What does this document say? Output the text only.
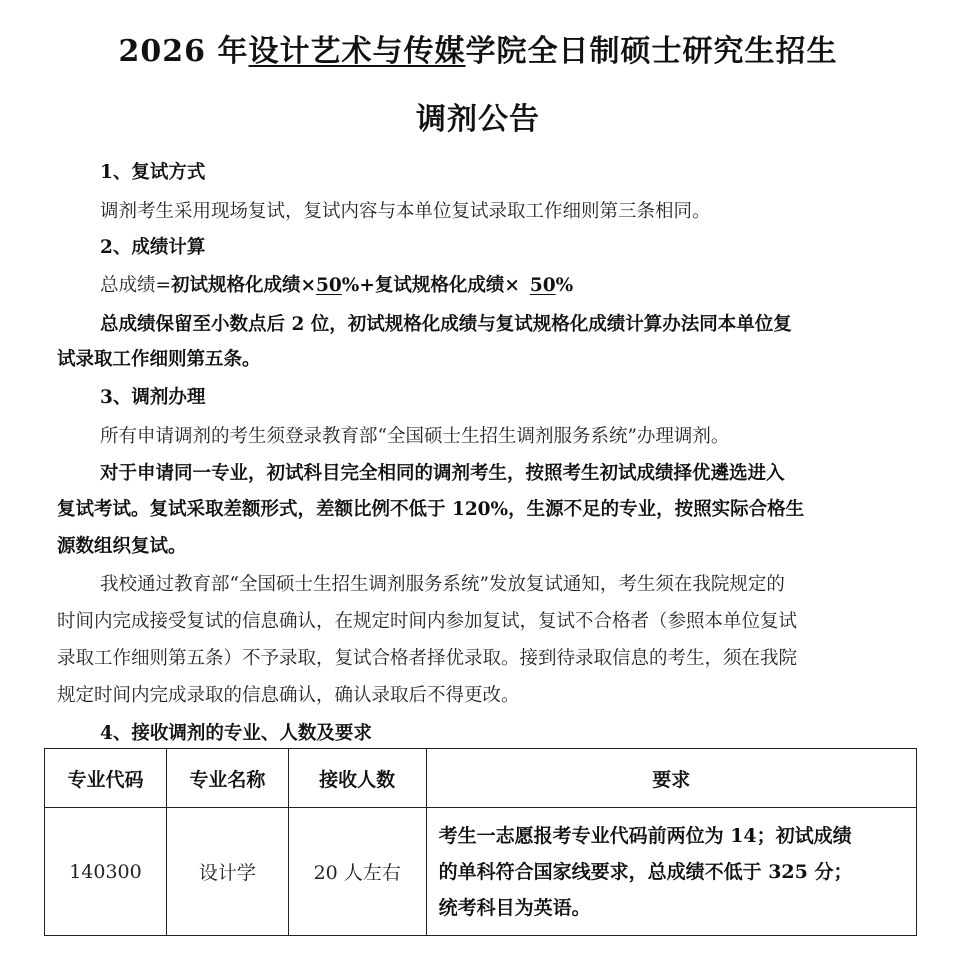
2026 年设计艺术与传媒学院全日制硕士研究生招生
调剂公告
1、复试方式
调剂考生采用现场复试，复试内容与本单位复试录取工作细则第三条相同。
2、成绩计算
总成绩=初试规格化成绩×50%+复试规格化成绩× 50%
总成绩保留至小数点后 2 位，初试规格化成绩与复试规格化成绩计算办法同本单位复
试录取工作细则第五条。
3、调剂办理
所有申请调剂的考生须登录教育部“全国硕士生招生调剂服务系统”办理调剂。
对于申请同一专业，初试科目完全相同的调剂考生，按照考生初试成绩择优遴选进入
复试考试。复试采取差额形式，差额比例不低于 120%，生源不足的专业，按照实际合格生
源数组织复试。
我校通过教育部“全国硕士生招生调剂服务系统”发放复试通知，考生须在我院规定的
时间内完成接受复试的信息确认，在规定时间内参加复试，复试不合格者（参照本单位复试
录取工作细则第五条）不予录取，复试合格者择优录取。接到待录取信息的考生，须在我院
规定时间内完成录取的信息确认，确认录取后不得更改。
4、接收调剂的专业、人数及要求
专业代码	专业名称	接收人数	要求
140300	设计学	20 人左右	考生一志愿报考专业代码前两位为 14；初试成绩
的单科符合国家线要求，总成绩不低于 325 分；
统考科目为英语。
